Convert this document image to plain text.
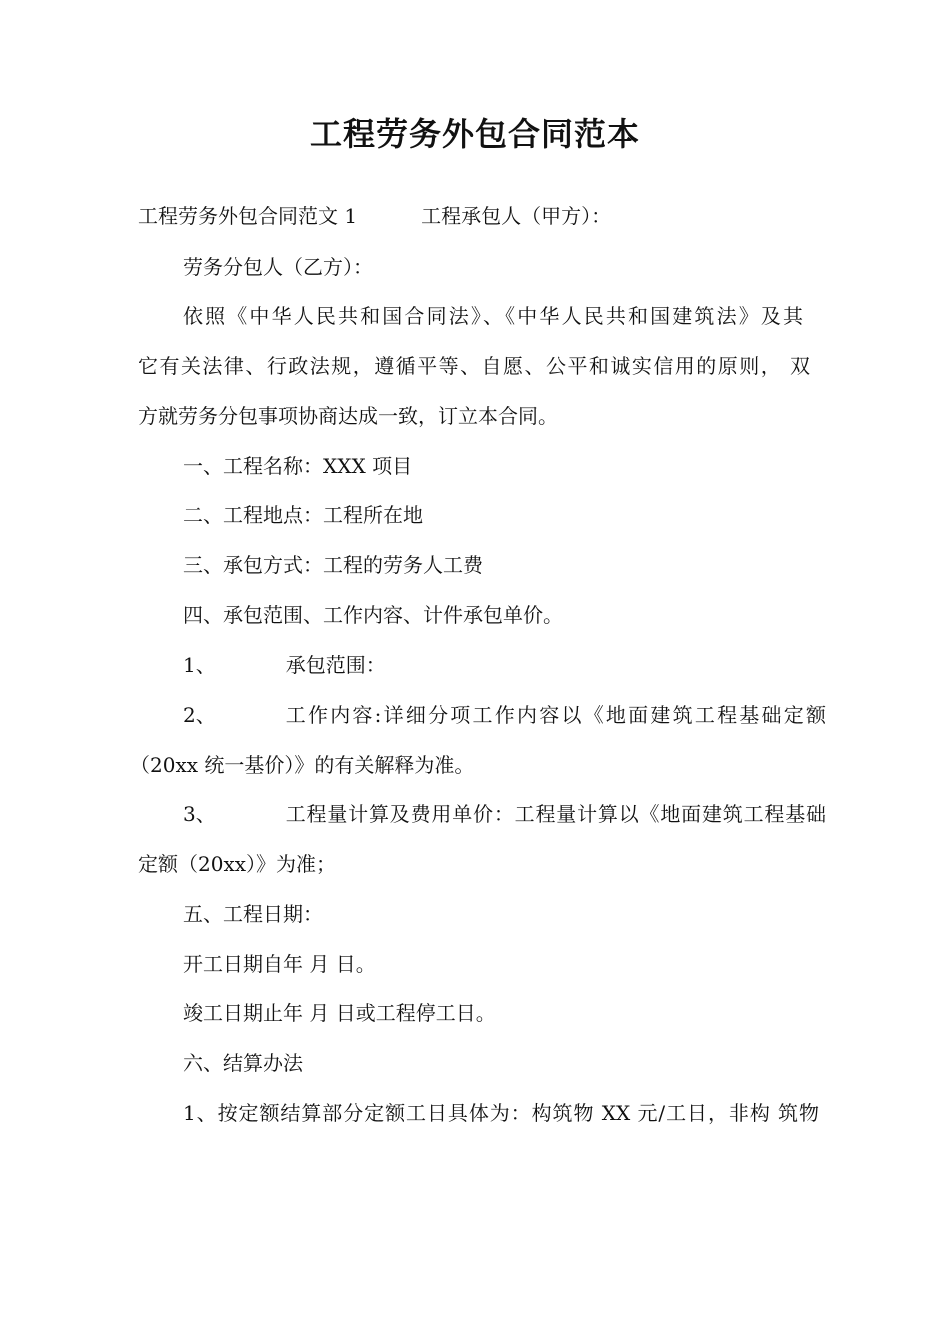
工程劳务外包合同范本
工程劳务外包合同范文 1	工程承包人（甲方）：
劳务分包人（乙方）：
依照《中华人民共和国合同法》、《中华人民共和国建筑法》及其
它有关法律、行政法规，遵循平等、自愿、公平和诚实信用的原则， 双
方就劳务分包事项协商达成一致，订立本合同。
一、工程名称：XXX 项目
二、工程地点：工程所在地
三、承包方式：工程的劳务人工费
四、承包范围、工作内容、计件承包单价。
1、	承包范围：
2、	工作内容:详细分项工作内容以《地面建筑工程基础定额
（20xx 统一基价）》的有关解释为准。
3、	工程量计算及费用单价：工程量计算以《地面建筑工程基础
定额（20xx）》为准；
五、工程日期：
开工日期自年 月 日。
竣工日期止年 月 日或工程停工日。
六、结算办法
1、按定额结算部分定额工日具体为：构筑物 XX 元/工日，非构 筑物
